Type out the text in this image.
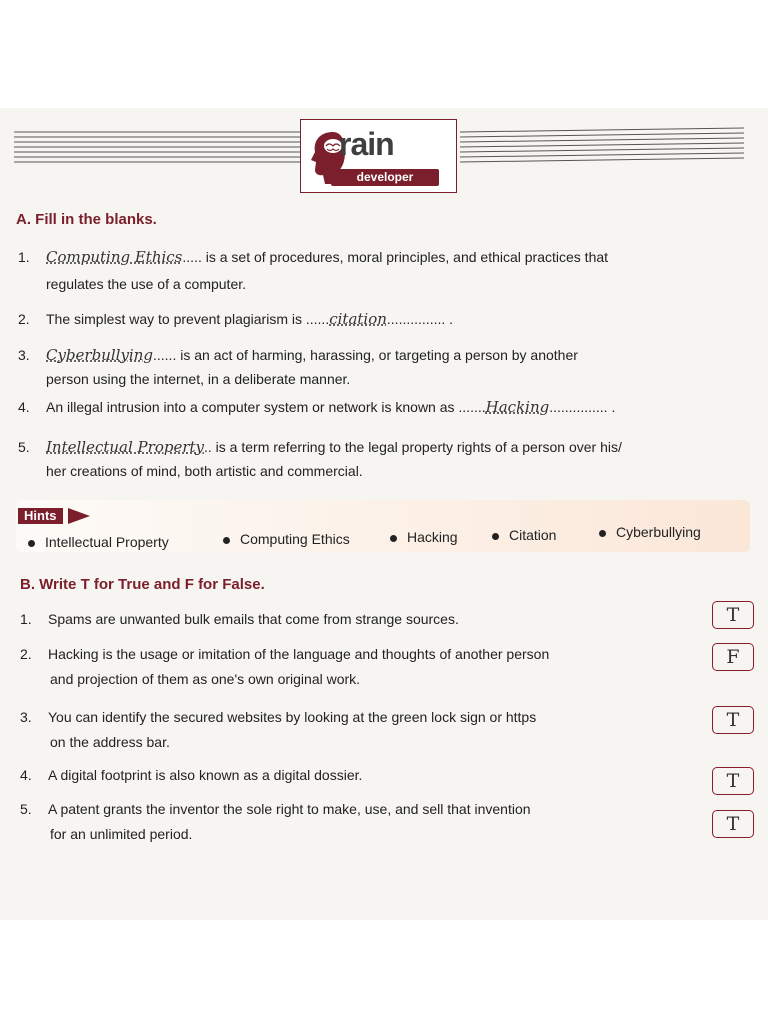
rain
developer
A. Fill in the blanks.
1. Computing Ethics..... is a set of procedures, moral principles, and ethical practices that
regulates the use of a computer.
2. The simplest way to prevent plagiarism is ......citation............... .
3. Cyberbullying...... is an act of harming, harassing, or targeting a person by another
person using the internet, in a deliberate manner.
4. An illegal intrusion into a computer system or network is known as .......Hacking............... .
5. Intellectual Property.. is a term referring to the legal property rights of a person over his/
her creations of mind, both artistic and commercial.
Hints
Intellectual Property	Computing Ethics	Hacking	Citation	Cyberbullying
B. Write T for True and F for False.
1. Spams are unwanted bulk emails that come from strange sources.	T
2. Hacking is the usage or imitation of the language and thoughts of another person
and projection of them as one's own original work.
F
3. You can identify the secured websites by looking at the green lock sign or https
on the address bar.
T
4. A digital footprint is also known as a digital dossier.	T
5. A patent grants the inventor the sole right to make, use, and sell that invention
for an unlimited period.	T
